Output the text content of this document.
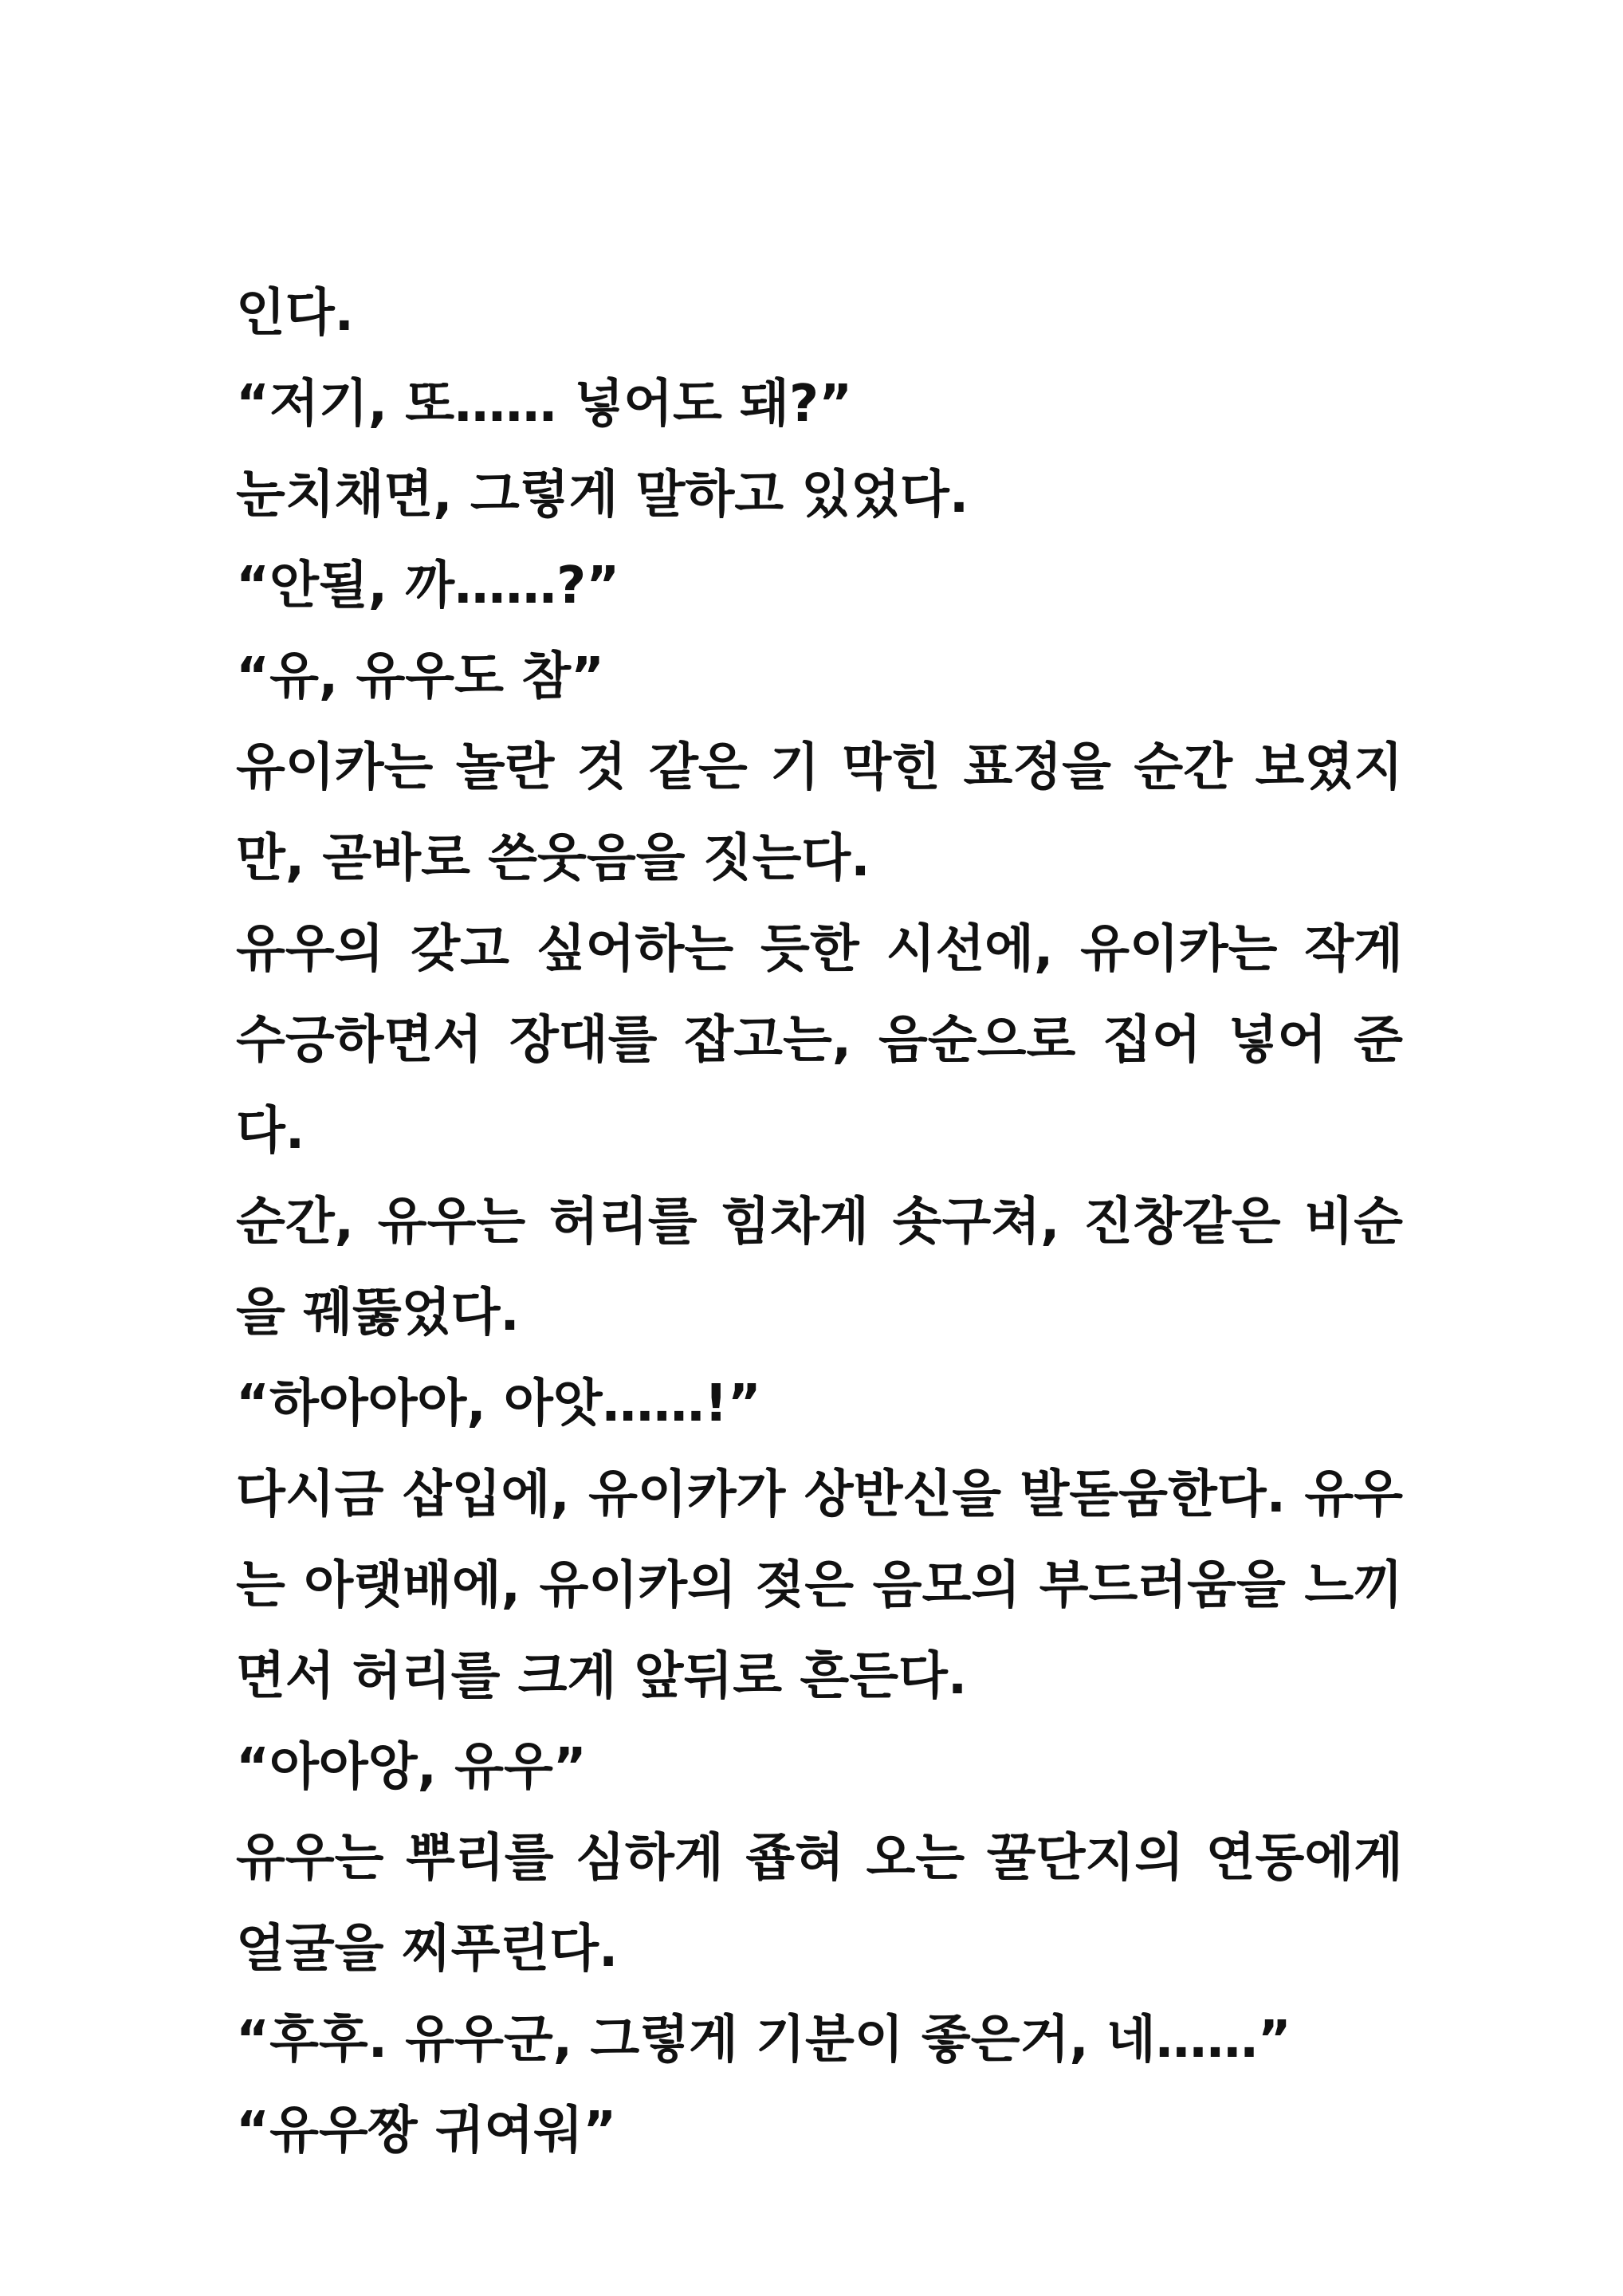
인다.
“저기, 또…… 넣어도 돼?”
눈치채면, 그렇게 말하고 있었다.
“안될, 까……?”
“유, 유우도 참”
유이카는 놀란 것 같은 기 막힌 표정을 순간 보였지
만, 곧바로 쓴웃음을 짓는다.
유우의 갖고 싶어하는 듯한 시선에, 유이카는 작게
수긍하면서 장대를 잡고는, 음순으로 집어 넣어 준
다.
순간, 유우는 허리를 힘차게 솟구쳐, 진창같은 비순
을 꿰뚫었다.
“하아아아, 아앗……!”
다시금 삽입에, 유이카가 상반신을 발돋움한다. 유우
는 아랫배에, 유이카의 젖은 음모의 부드러움을 느끼
면서 허리를 크게 앞뒤로 흔든다.
“아아앙, 유우”
유우는 뿌리를 심하게 죱혀 오는 꿀단지의 연동에게
얼굴을 찌푸린다.
“후후. 유우군, 그렇게 기분이 좋은거, 네……”
“유우짱 귀여워”
